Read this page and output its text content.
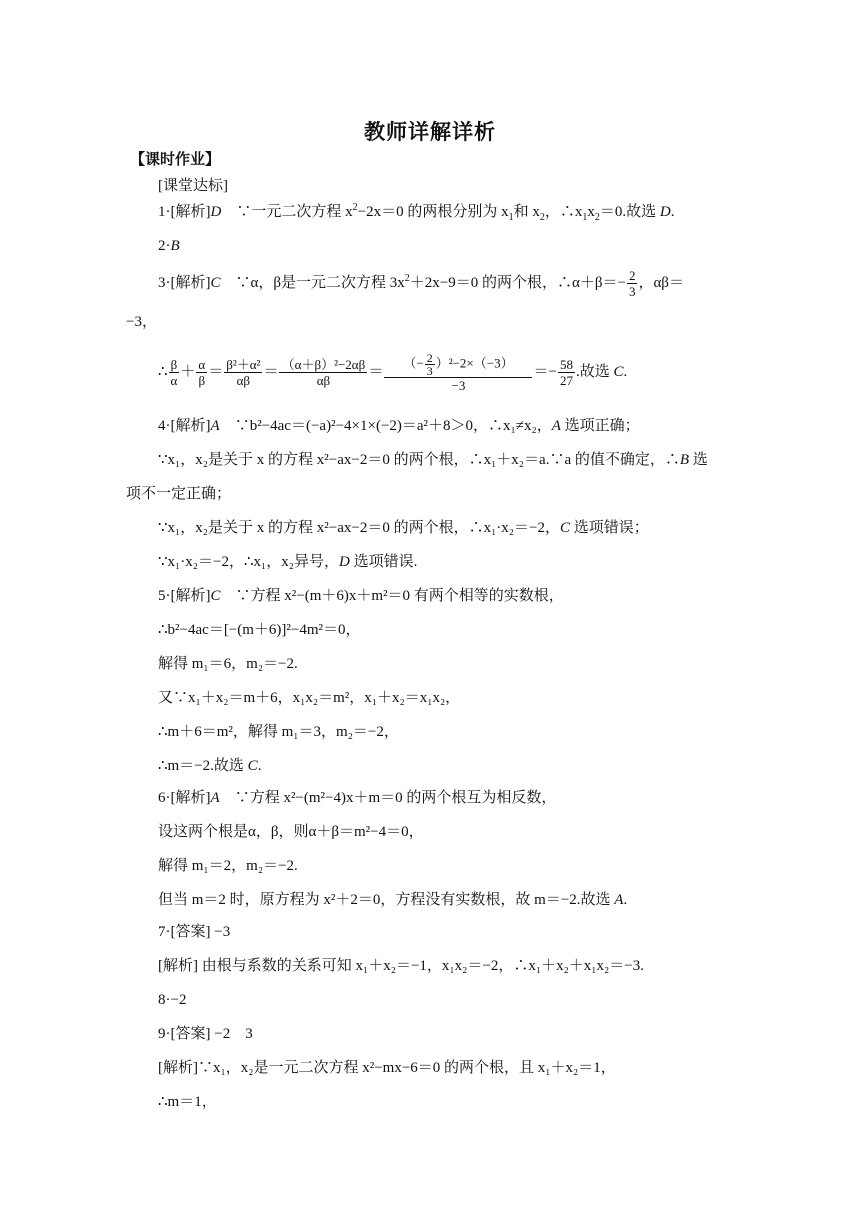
教师详解详析
【课时作业】
[课堂达标]
1·[解析]D　 ∵一元二次方程 $x^2-2x=0$ 的两根分别为 $x_1$和 $x_2$，$\therefore x_1x_2=0$.故选 D.
2·B
3·[解析]C　 ∵α，β是一元二次方程 $3x^2+2x-9=0$ 的两个根，∴α＋β＝− $\frac{2}{3}$ ，αβ＝
−3，
∴ $\frac{\beta}{\alpha} + \frac{\alpha}{\beta} = \frac{\text{β²＋α²}}{\alpha\beta} = \frac{\text{（α＋β）²−2αβ}}{\alpha\beta} = \frac{(- \frac{2}{3} )^2-2\times(-3)}{-3} =- \frac{58}{27}$ .故选 C.
4·[解析]A　 ∵b²−4ac＝(−a)²−4×1×(−2)＝a²＋8＞0，∴x₁≠x₂，A 选项正确；
∵x₁，x₂是关于 x 的方程 x²−ax−2＝0 的两个根，∴x₁＋x₂＝a.∵a 的值不确定，∴B 选
项不一定正确；
∵x₁，x₂是关于 x 的方程 x²−ax−2＝0 的两个根，∴x₁·x₂＝−2，C 选项错误；
∵x₁·x₂＝−2，∴x₁，x₂异号，D 选项错误.
5·[解析]C　 ∵方程 x²−(m＋6)x＋m²＝0 有两个相等的实数根，
∴b²−4ac＝[−(m＋6)]²−4m²＝0，
解得 m₁＝6，m₂＝−2.
又∵x₁＋x₂＝m＋6，x₁x₂＝m²，x₁＋x₂＝x₁x₂，
∴m＋6＝m²，解得 m₁＝3，m₂＝−2，
∴m＝−2.故选 C.
6·[解析]A　 ∵方程 x²−(m²−4)x＋m＝0 的两个根互为相反数，
设这两个根是α，β，则α＋β＝m²−4＝0，
解得 m₁＝2，m₂＝−2.
但当 m＝2 时，原方程为 x²＋2＝0，方程没有实数根，故 m＝−2.故选 A.
7·[答案] −3
[解析] 由根与系数的关系可知 x₁＋x₂＝−1，x₁x₂＝−2，∴x₁＋x₂＋x₁x₂＝−3.
8·−2
9·[答案] −2　3
[解析]∵x₁，x₂是一元二次方程 x²−mx−6＝0 的两个根，且 x₁＋x₂＝1，
∴m＝1，
